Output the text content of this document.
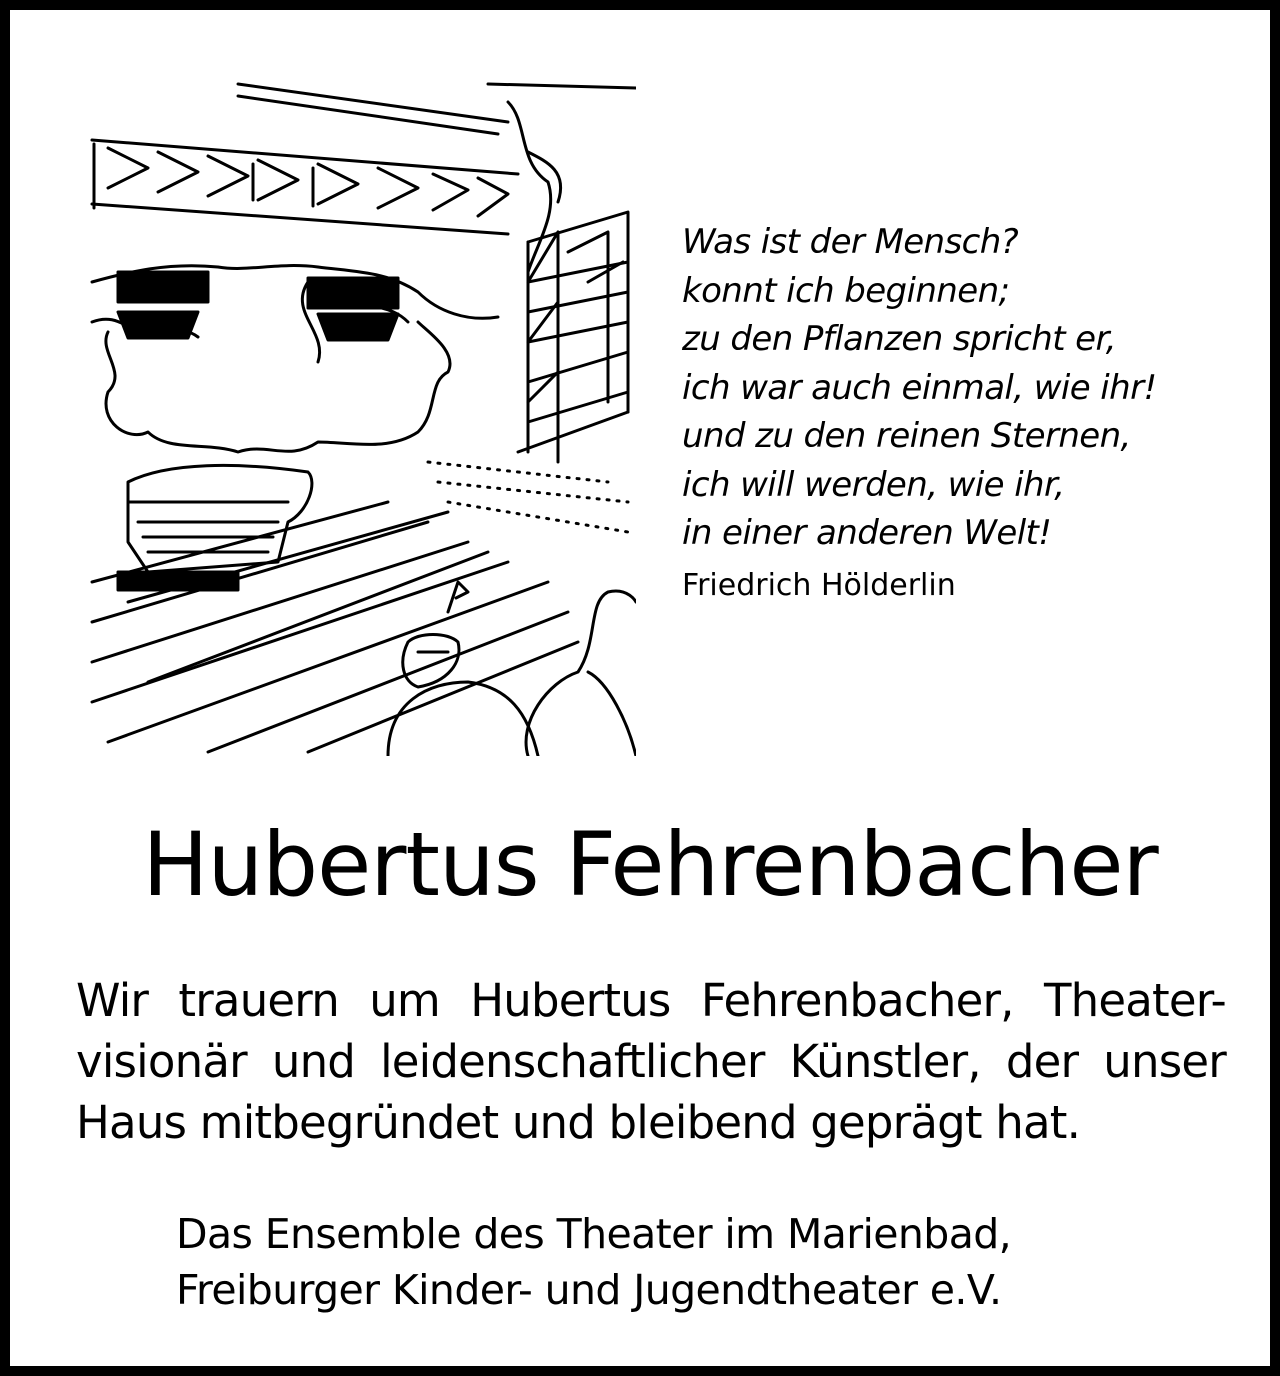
Was ist der Mensch?
konnt ich beginnen;
zu den Pflanzen spricht er,
ich war auch einmal, wie ihr!
und zu den reinen Sternen,
ich will werden, wie ihr,
in einer anderen Welt!
Friedrich Hölderlin
Hubertus Fehrenbacher
Wir trauern um Hubertus Fehrenbacher, Theater-
visionär und leidenschaftlicher Künstler, der unser
Haus mitbegründet und bleibend geprägt hat.
Das Ensemble des Theater im Marienbad,
Freiburger Kinder- und Jugendtheater e.V.
